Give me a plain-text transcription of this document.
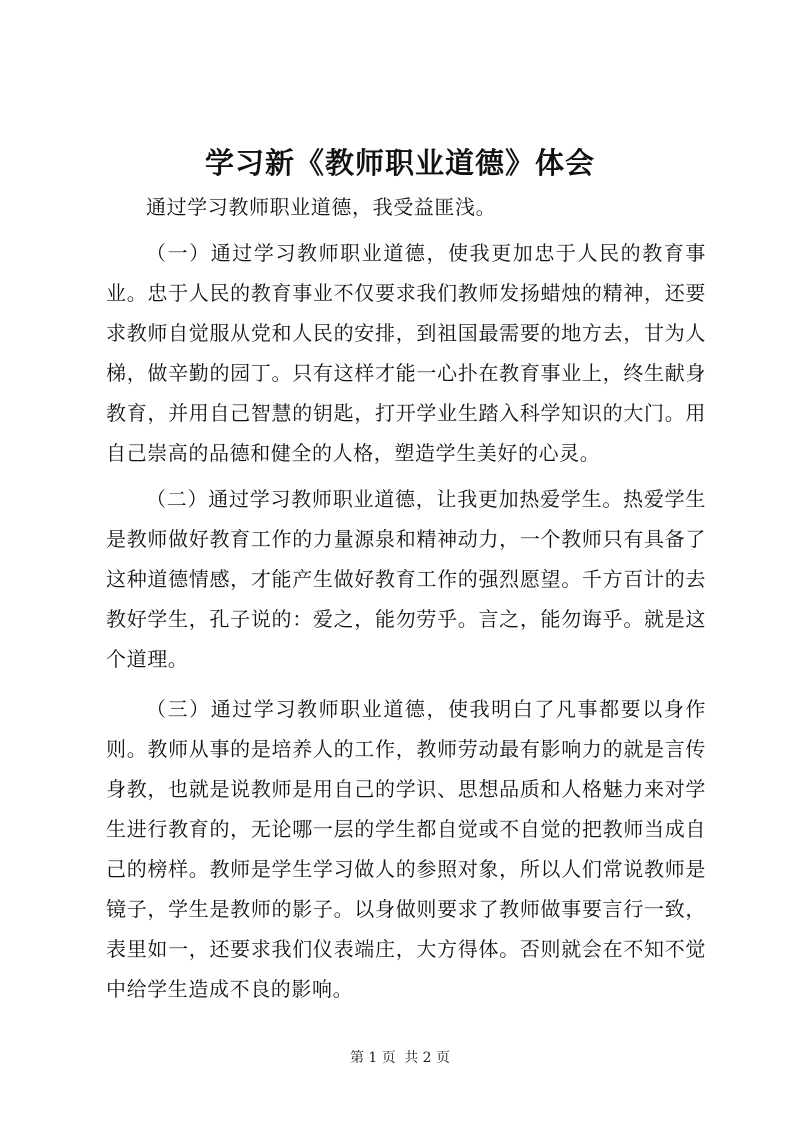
学习新《教师职业道德》体会

通过学习教师职业道德，我受益匪浅。

（一）通过学习教师职业道德，使我更加忠于人民的教育事业。忠于人民的教育事业不仅要求我们教师发扬蜡烛的精神，还要求教师自觉服从党和人民的安排，到祖国最需要的地方去，甘为人梯，做辛勤的园丁。只有这样才能一心扑在教育事业上，终生献身教育，并用自己智慧的钥匙，打开学业生踏入科学知识的大门。用自己崇高的品德和健全的人格，塑造学生美好的心灵。

（二）通过学习教师职业道德，让我更加热爱学生。热爱学生是教师做好教育工作的力量源泉和精神动力，一个教师只有具备了这种道德情感，才能产生做好教育工作的强烈愿望。千方百计的去教好学生，孔子说的：爱之，能勿劳乎。言之，能勿诲乎。就是这个道理。

（三）通过学习教师职业道德，使我明白了凡事都要以身作则。教师从事的是培养人的工作，教师劳动最有影响力的就是言传身教，也就是说教师是用自己的学识、思想品质和人格魅力来对学生进行教育的，无论哪一层的学生都自觉或不自觉的把教师当成自己的榜样。教师是学生学习做人的参照对象，所以人们常说教师是镜子，学生是教师的影子。以身做则要求了教师做事要言行一致，表里如一，还要求我们仪表端庄，大方得体。否则就会在不知不觉中给学生造成不良的影响。

第 1 页 共 2 页
